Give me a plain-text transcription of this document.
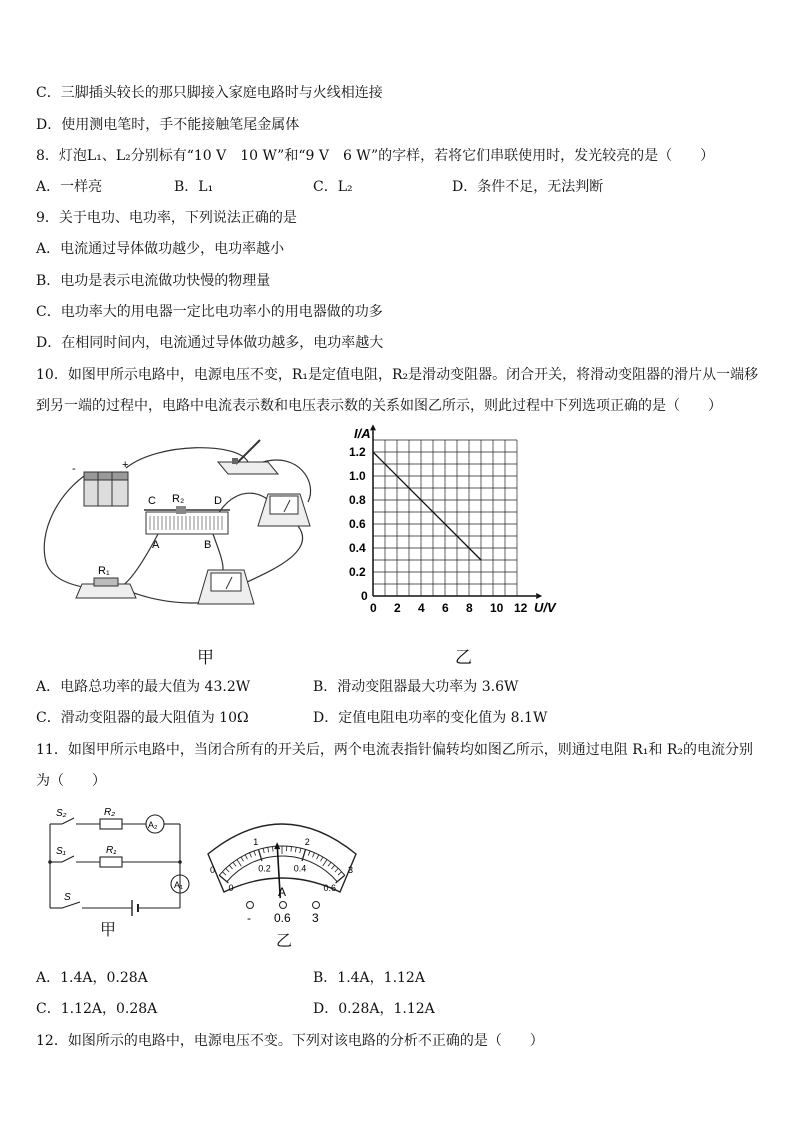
C．三脚插头较长的那只脚接入家庭电路时与火线相连接
D．使用测电笔时，手不能接触笔尾金属体
8．灯泡L₁、L₂分别标有“10 V　10 W”和“9 V　6 W”的字样，若将它们串联使用时，发光较亮的是（　　）
A．一样亮	B．L₁	C．L₂	D．条件不足，无法判断
9．关于电功、电功率，下列说法正确的是
A．电流通过导体做功越少，电功率越小
B．电功是表示电流做功快慢的物理量
C．电功率大的用电器一定比电功率小的用电器做的功多
D．在相同时间内，电流通过导体做功越多，电功率越大
10．如图甲所示电路中，电源电压不变，R₁是定值电阻，R₂是滑动变阻器。闭合开关，将滑动变阻器的滑片从一端移
到另一端的过程中，电路中电流表示数和电压表示数的关系如图乙所示，则此过程中下列选项正确的是（　　）
-	+
C R₂	D
A	B
R₁
甲
0 2 4 6 8 10 12
0.2
0.4
0.6
0.8
1.0
1.2
0
I/A
U/V
乙
A．电路总功率的最大值为 43.2W	B．滑动变阻器最大功率为 3.6W
C．滑动变阻器的最大阻值为 10Ω	D．定值电阻电功率的变化值为 8.1W
11．如图甲所示电路中，当闭合所有的开关后，两个电流表指针偏转均如图乙所示，则通过电阻 R₁和 R₂的电流分别
为（　　）
S₂	R₂
A₂
S₁	R₁
A₁
S
甲
0
1	2
3
0
0.2	0.4
0.6
A
- 0.6 3
乙
A．1.4A，0.28A	B．1.4A，1.12A
C．1.12A，0.28A	D．0.28A，1.12A
12．如图所示的电路中，电源电压不变。下列对该电路的分析不正确的是（　　）
